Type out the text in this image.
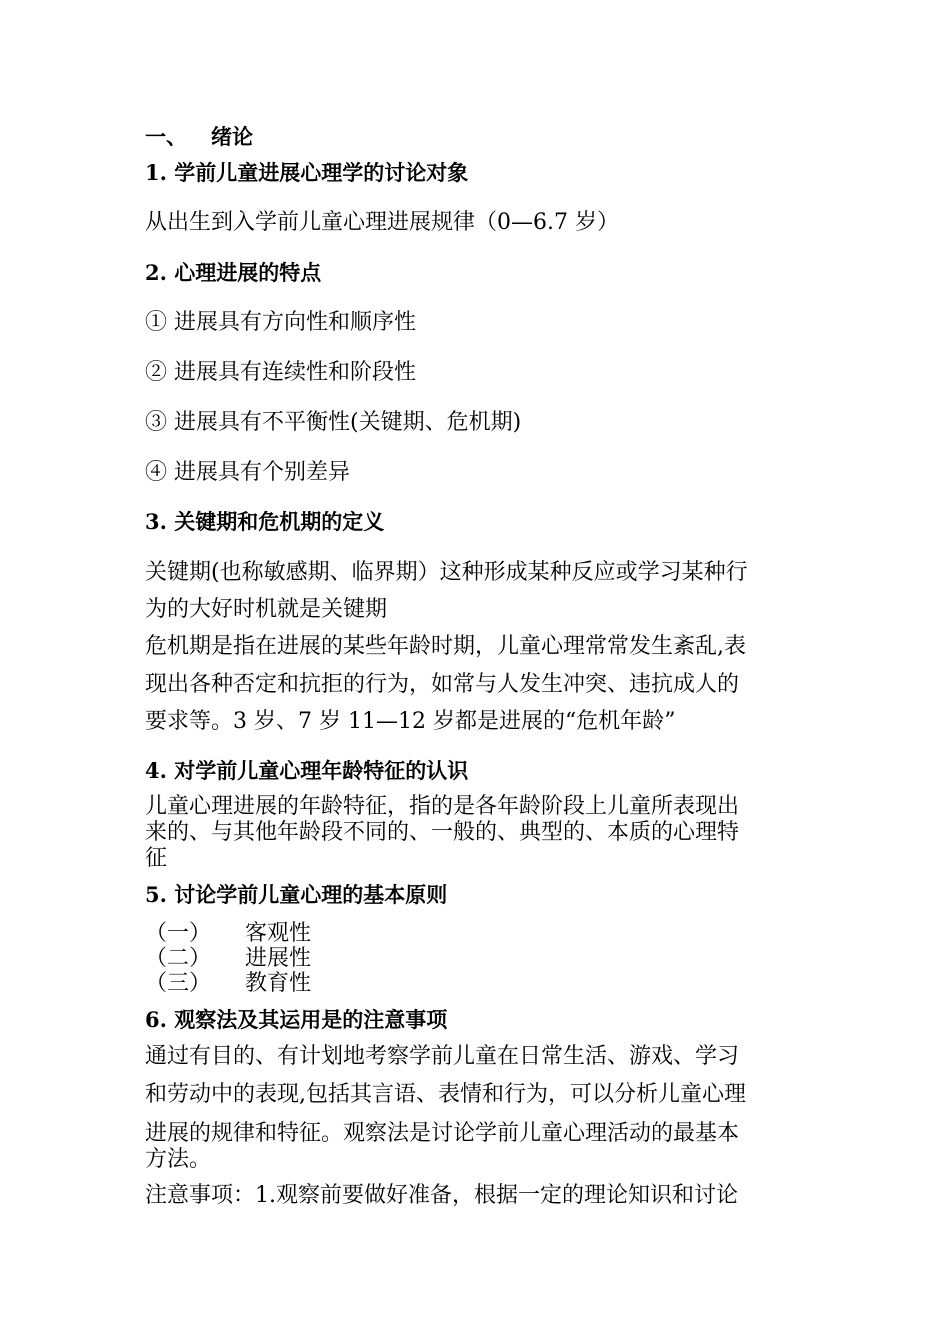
一、 绪论
1. 学前儿童进展心理学的讨论对象
从出生到入学前儿童心理进展规律（0—6.7 岁）
2. 心理进展的特点
① 进展具有方向性和顺序性
② 进展具有连续性和阶段性
③ 进展具有不平衡性(关键期、危机期)
④ 进展具有个别差异
3. 关键期和危机期的定义
关键期(也称敏感期、临界期）这种形成某种反应或学习某种行
为的大好时机就是关键期
危机期是指在进展的某些年龄时期，儿童心理常常发生紊乱,表
现出各种否定和抗拒的行为，如常与人发生冲突、违抗成人的
要求等。3 岁、7 岁 11—12 岁都是进展的“危机年龄”
4. 对学前儿童心理年龄特征的认识
儿童心理进展的年龄特征，指的是各年龄阶段上儿童所表现出
来的、与其他年龄段不同的、一般的、典型的、本质的心理特
征
5. 讨论学前儿童心理的基本原则
（一） 客观性
（二） 进展性
（三） 教育性
6. 观察法及其运用是的注意事项
通过有目的、有计划地考察学前儿童在日常生活、游戏、学习
和劳动中的表现,包括其言语、表情和行为，可以分析儿童心理
进展的规律和特征。观察法是讨论学前儿童心理活动的最基本
方法。
注意事项：1.观察前要做好准备，根据一定的理论知识和讨论
